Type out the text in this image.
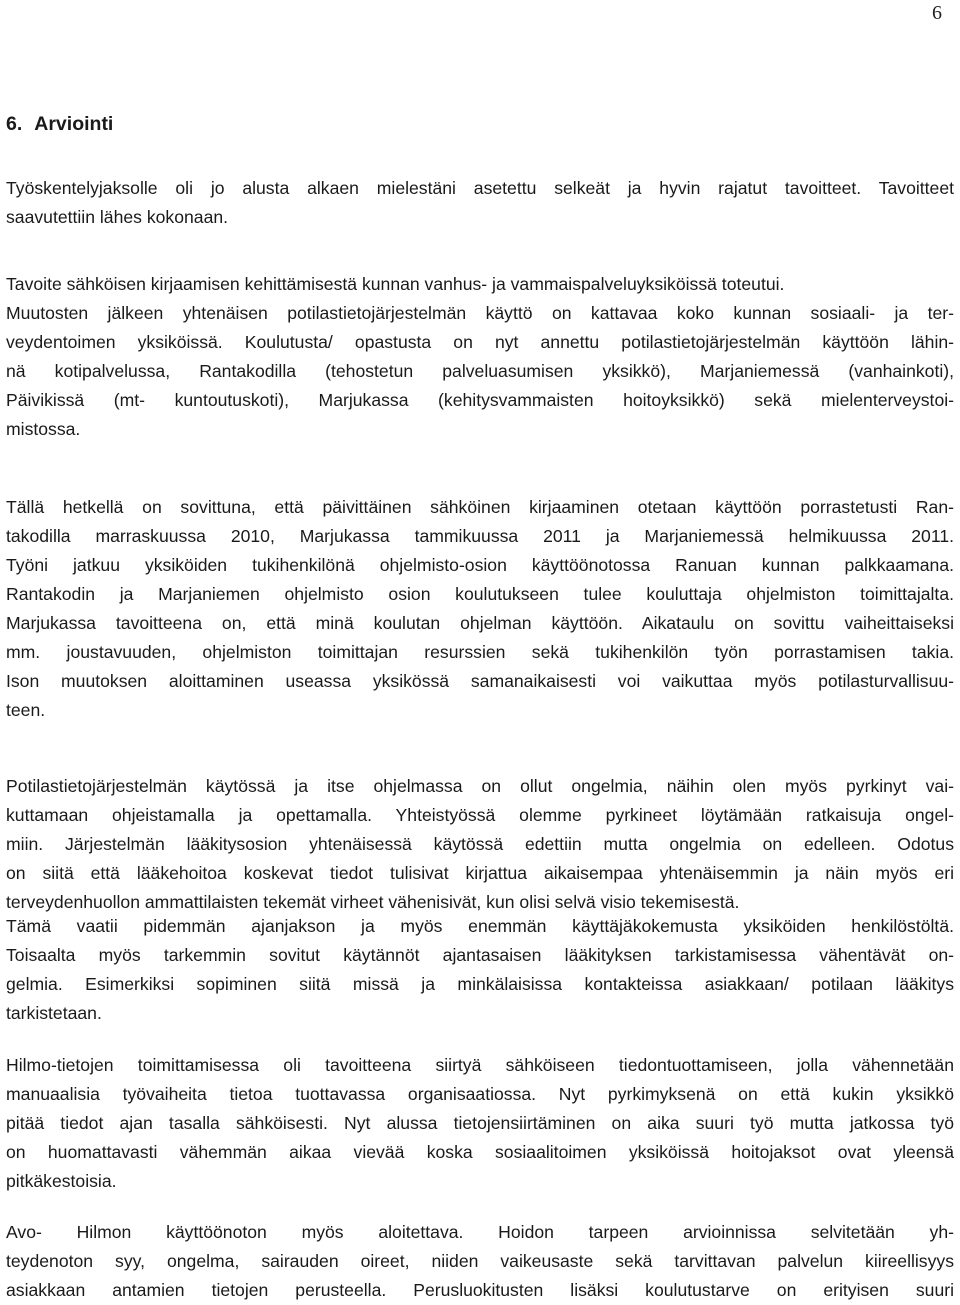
6
6. Arviointi

Työskentelyjaksolle oli jo alusta alkaen mielestäni asetettu selkeät ja hyvin rajatut tavoitteet. Tavoitteet
saavutettiin lähes kokonaan.

Tavoite sähköisen kirjaamisen kehittämisestä kunnan vanhus- ja vammaispalveluyksiköissä toteutui.
Muutosten jälkeen yhtenäisen potilastietojärjestelmän käyttö on kattavaa koko kunnan sosiaali- ja ter-
veydentoimen yksiköissä. Koulutusta/ opastusta on nyt annettu potilastietojärjestelmän käyttöön lähin-
nä kotipalvelussa, Rantakodilla (tehostetun palveluasumisen yksikkö), Marjaniemessä (vanhainkoti),
Päivikissä (mt- kuntoutuskoti), Marjukassa (kehitysvammaisten hoitoyksikkö) sekä mielenterveystoi-
mistossa.

Tällä hetkellä on sovittuna, että päivittäinen sähköinen kirjaaminen otetaan käyttöön porrastetusti Ran-
takodilla marraskuussa 2010, Marjukassa tammikuussa 2011 ja Marjaniemessä helmikuussa 2011.
Työni jatkuu yksiköiden tukihenkilönä ohjelmisto-osion käyttöönotossa Ranuan kunnan palkkaamana.
Rantakodin ja Marjaniemen ohjelmisto osion koulutukseen tulee kouluttaja ohjelmiston toimittajalta.
Marjukassa tavoitteena on, että minä koulutan ohjelman käyttöön. Aikataulu on sovittu vaiheittaiseksi
mm. joustavuuden, ohjelmiston toimittajan resurssien sekä tukihenkilön työn porrastamisen takia.
Ison muutoksen aloittaminen useassa yksikössä samanaikaisesti voi vaikuttaa myös potilasturvallisuu-
teen.

Potilastietojärjestelmän käytössä ja itse ohjelmassa on ollut ongelmia, näihin olen myös pyrkinyt vai-
kuttamaan ohjeistamalla ja opettamalla. Yhteistyössä olemme pyrkineet löytämään ratkaisuja ongel-
miin. Järjestelmän lääkitysosion yhtenäisessä käytössä edettiin mutta ongelmia on edelleen. Odotus
on siitä että lääkehoitoa koskevat tiedot tulisivat kirjattua aikaisempaa yhtenäisemmin ja näin myös eri
terveydenhuollon ammattilaisten tekemät virheet vähenisivät, kun olisi selvä visio tekemisestä.

Tämä vaatii pidemmän ajanjakson ja myös enemmän käyttäjäkokemusta yksiköiden henkilöstöltä.
Toisaalta myös tarkemmin sovitut käytännöt ajantasaisen lääkityksen tarkistamisessa vähentävät on-
gelmia. Esimerkiksi sopiminen siitä missä ja minkälaisissa kontakteissa asiakkaan/ potilaan lääkitys
tarkistetaan.

Hilmo-tietojen toimittamisessa oli tavoitteena siirtyä sähköiseen tiedontuottamiseen, jolla vähennetään
manuaalisia työvaiheita tietoa tuottavassa organisaatiossa. Nyt pyrkimyksenä on että kukin yksikkö
pitää tiedot ajan tasalla sähköisesti. Nyt alussa tietojensiirtäminen on aika suuri työ mutta jatkossa työ
on huomattavasti vähemmän aikaa vievää koska sosiaalitoimen yksiköissä hoitojaksot ovat yleensä
pitkäkestoisia.

Avo- Hilmon käyttöönoton myös aloitettava. Hoidon tarpeen arvioinnissa selvitetään yh-
teydenoton syy, ongelma, sairauden oireet, niiden vaikeusaste sekä tarvittavan palvelun kiireellisyys
asiakkaan antamien tietojen perusteella. Perusluokitusten lisäksi koulutustarve on erityisen suuri
